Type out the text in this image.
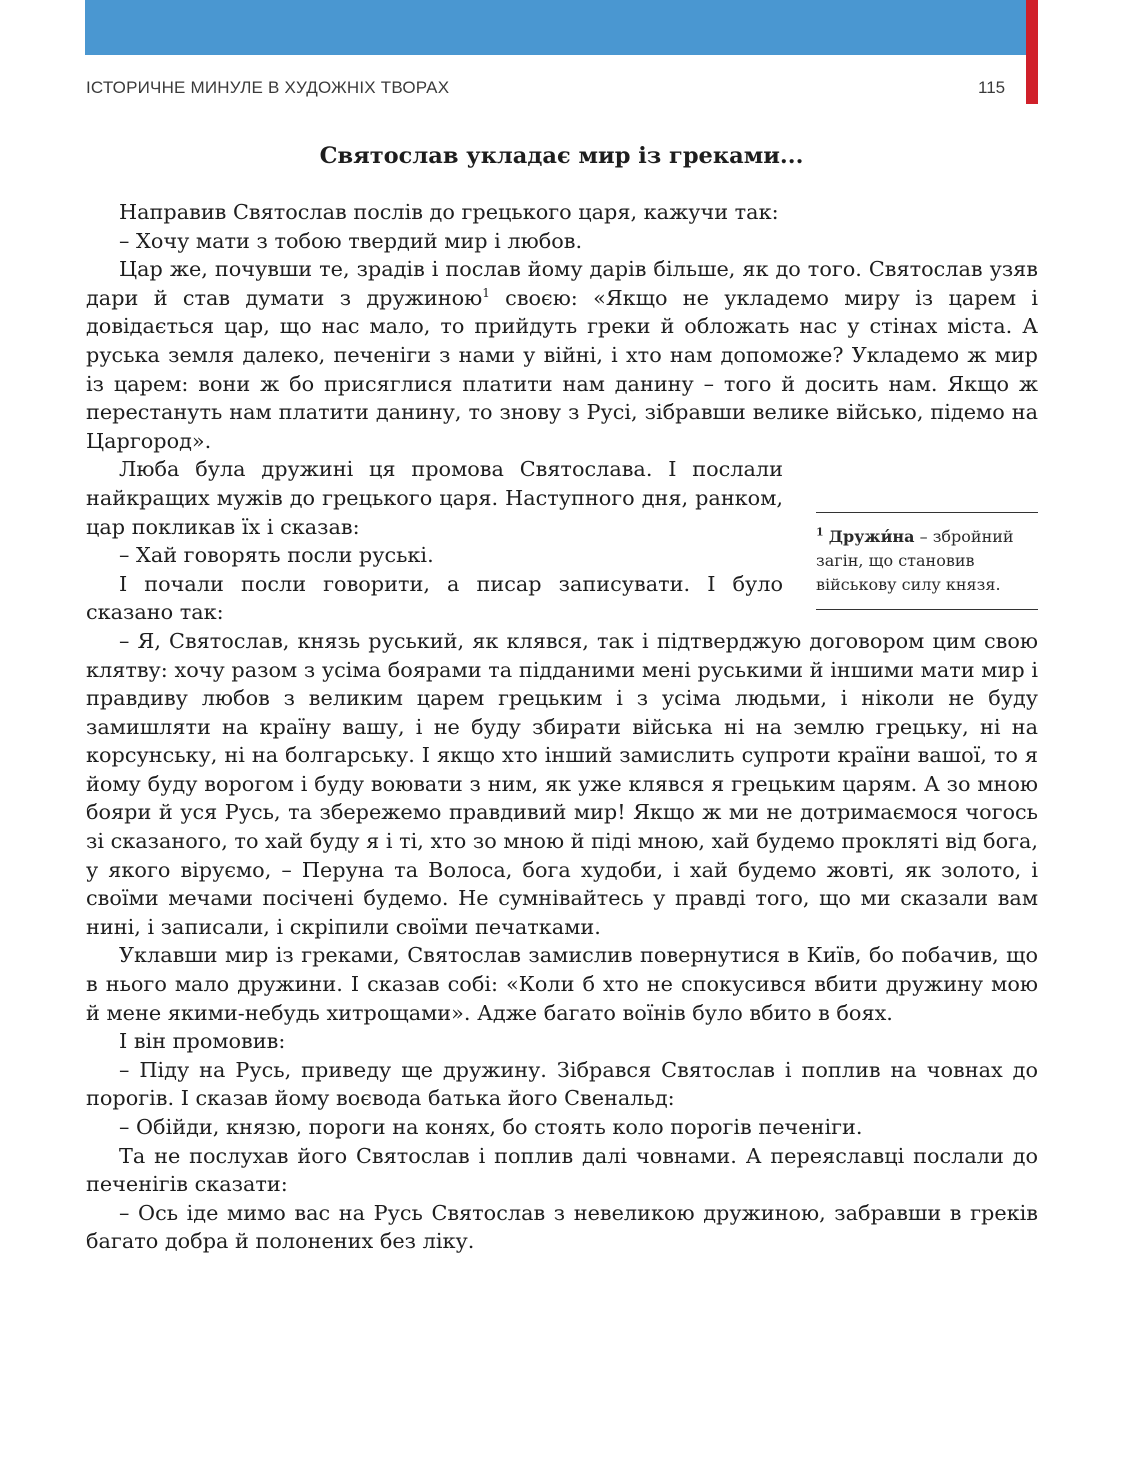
ІСТОРИЧНЕ МИНУЛЕ В ХУДОЖНІХ ТВОРАХ	115
Святослав укладає мир із греками...

Направив Святослав послів до грецького царя, кажучи так:

– Хочу мати з тобою твердий мир і любов.

Цар же, почувши те, зрадів і послав йому дарів більше, як до того. Святослав узяв дари й став думати з дружиною$^1$ своєю: «Якщо не укладемо миру із царем і довідається цар, що нас мало, то прийдуть греки й обложать нас у стінах міста. А руська земля далеко, печеніги з нами у війні, і хто нам допоможе? Укладемо ж мир із царем: вони ж бо присяглися платити нам данину – того й досить нам. Якщо ж перестануть нам платити данину, то знову з Русі, зібравши велике військо, підемо на Царгород».

Люба була дружині ця промова Святослава. І послали найкращих мужів до грецького царя. Наступного дня, ранком, цар покликав їх і сказав:

– Хай говорять посли руські.

І почали посли говорити, а писар записувати. І було сказано так:

– Я, Святослав, князь руський, як клявся, так і підтверджую договором цим свою клятву: хочу разом з усіма боярами та підданими мені руськими й іншими мати мир і правдиву любов з великим царем грецьким і з усіма людьми, і ніколи не буду замишляти на країну вашу, і не буду збирати війська ні на землю грецьку, ні на корсунську, ні на болгарську. І якщо хто інший замислить супроти країни вашої, то я йому буду ворогом і буду воювати з ним, як уже клявся я грецьким царям. А зо мною бояри й уся Русь, та збережемо правдивий мир! Якщо ж ми не дотримаємося чогось зі сказаного, то хай буду я і ті, хто зо мною й піді мною, хай будемо прокляті від бога, у якого віруємо, – Перуна та Волоса, бога худоби, і хай будемо жовті, як золото, і своїми мечами посічені будемо. Не сумнівайтесь у правді того, що ми сказали вам нині, і записали, і скріпили своїми печатками.

Уклавши мир із греками, Святослав замислив повернутися в Київ, бо побачив, що в нього мало дружини. І сказав собі: «Коли б хто не спокусився вбити дружину мою й мене якими-небудь хитрощами». Адже багато воїнів було вбито в боях.

І він промовив:

– Піду на Русь, приведу ще дружину. Зібрався Святослав і поплив на човнах до порогів. І сказав йому воєвода батька його Свенальд:

– Обійди, князю, пороги на конях, бо стоять коло порогів печеніги.

Та не послухав його Святослав і поплив далі човнами. А переяславці послали до печенігів сказати:

– Ось іде мимо вас на Русь Святослав з невеликою дружиною, забравши в греків багато добра й полонених без ліку.

$^1$ Дружи́на – збройний загін, що становив військову силу князя.
